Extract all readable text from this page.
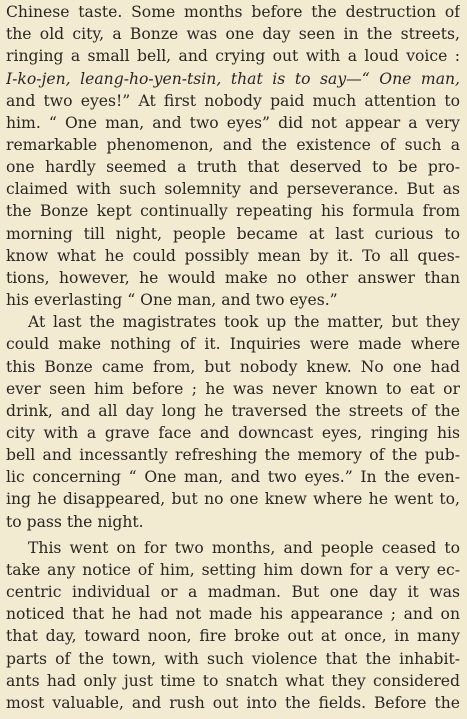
Chinese taste. Some months before the destruction of
the old city, a Bonze was one day seen in the streets,
ringing a small bell, and crying out with a loud voice :
I-ko-jen, leang-ho-yen-tsin, that is to say—“ One man,
and two eyes!” At first nobody paid much attention to
him. “ One man, and two eyes” did not appear a very
remarkable phenomenon, and the existence of such a
one hardly seemed a truth that deserved to be pro-
claimed with such solemnity and perseverance. But as
the Bonze kept continually repeating his formula from
morning till night, people became at last curious to
know what he could possibly mean by it. To all ques-
tions, however, he would make no other answer than
his everlasting “ One man, and two eyes.”
At last the magistrates took up the matter, but they
could make nothing of it. Inquiries were made where
this Bonze came from, but nobody knew. No one had
ever seen him before ; he was never known to eat or
drink, and all day long he traversed the streets of the
city with a grave face and downcast eyes, ringing his
bell and incessantly refreshing the memory of the pub-
lic concerning “ One man, and two eyes.” In the even-
ing he disappeared, but no one knew where he went to,
to pass the night.
This went on for two months, and people ceased to
take any notice of him, setting him down for a very ec-
centric individual or a madman. But one day it was
noticed that he had not made his appearance ; and on
that day, toward noon, fire broke out at once, in many
parts of the town, with such violence that the inhabit-
ants had only just time to snatch what they considered
most valuable, and rush out into the fields. Before the
